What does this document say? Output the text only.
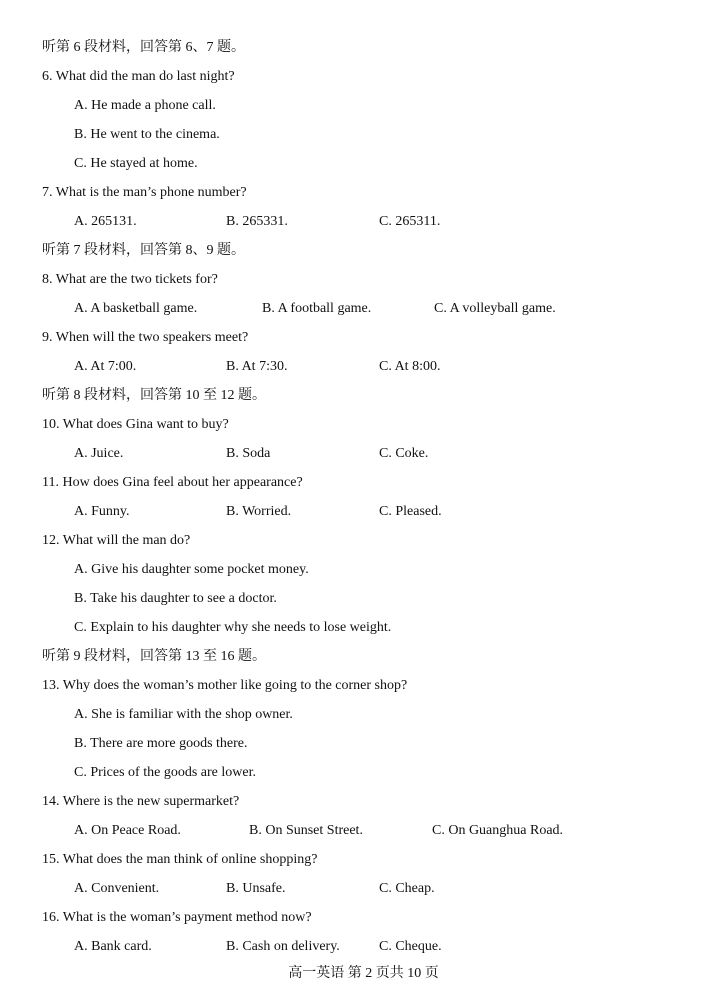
听第 6 段材料，回答第 6、7 题。
6. What did the man do last night?
A. He made a phone call.
B. He went to the cinema.
C. He stayed at home.
7. What is the man’s phone number?
A. 265131.	B. 265331.	C. 265311.
听第 7 段材料，回答第 8、9 题。
8. What are the two tickets for?
A. A basketball game.	B. A football game.	C. A volleyball game.
9. When will the two speakers meet?
A. At 7:00.	B. At 7:30.	C. At 8:00.
听第 8 段材料，回答第 10 至 12 题。
10. What does Gina want to buy?
A. Juice.	B. Soda	C. Coke.
11. How does Gina feel about her appearance?
A. Funny.	B. Worried.	C. Pleased.
12. What will the man do?
A. Give his daughter some pocket money.
B. Take his daughter to see a doctor.
C. Explain to his daughter why she needs to lose weight.
听第 9 段材料，回答第 13 至 16 题。
13. Why does the woman’s mother like going to the corner shop?
A. She is familiar with the shop owner.
B. There are more goods there.
C. Prices of the goods are lower.
14. Where is the new supermarket?
A. On Peace Road.	B. On Sunset Street.	C. On Guanghua Road.
15. What does the man think of online shopping?
A. Convenient.	B. Unsafe.	C. Cheap.
16. What is the woman’s payment method now?
A. Bank card.	B. Cash on delivery.	C. Cheque.
高一英语 第 2 页共 10 页
